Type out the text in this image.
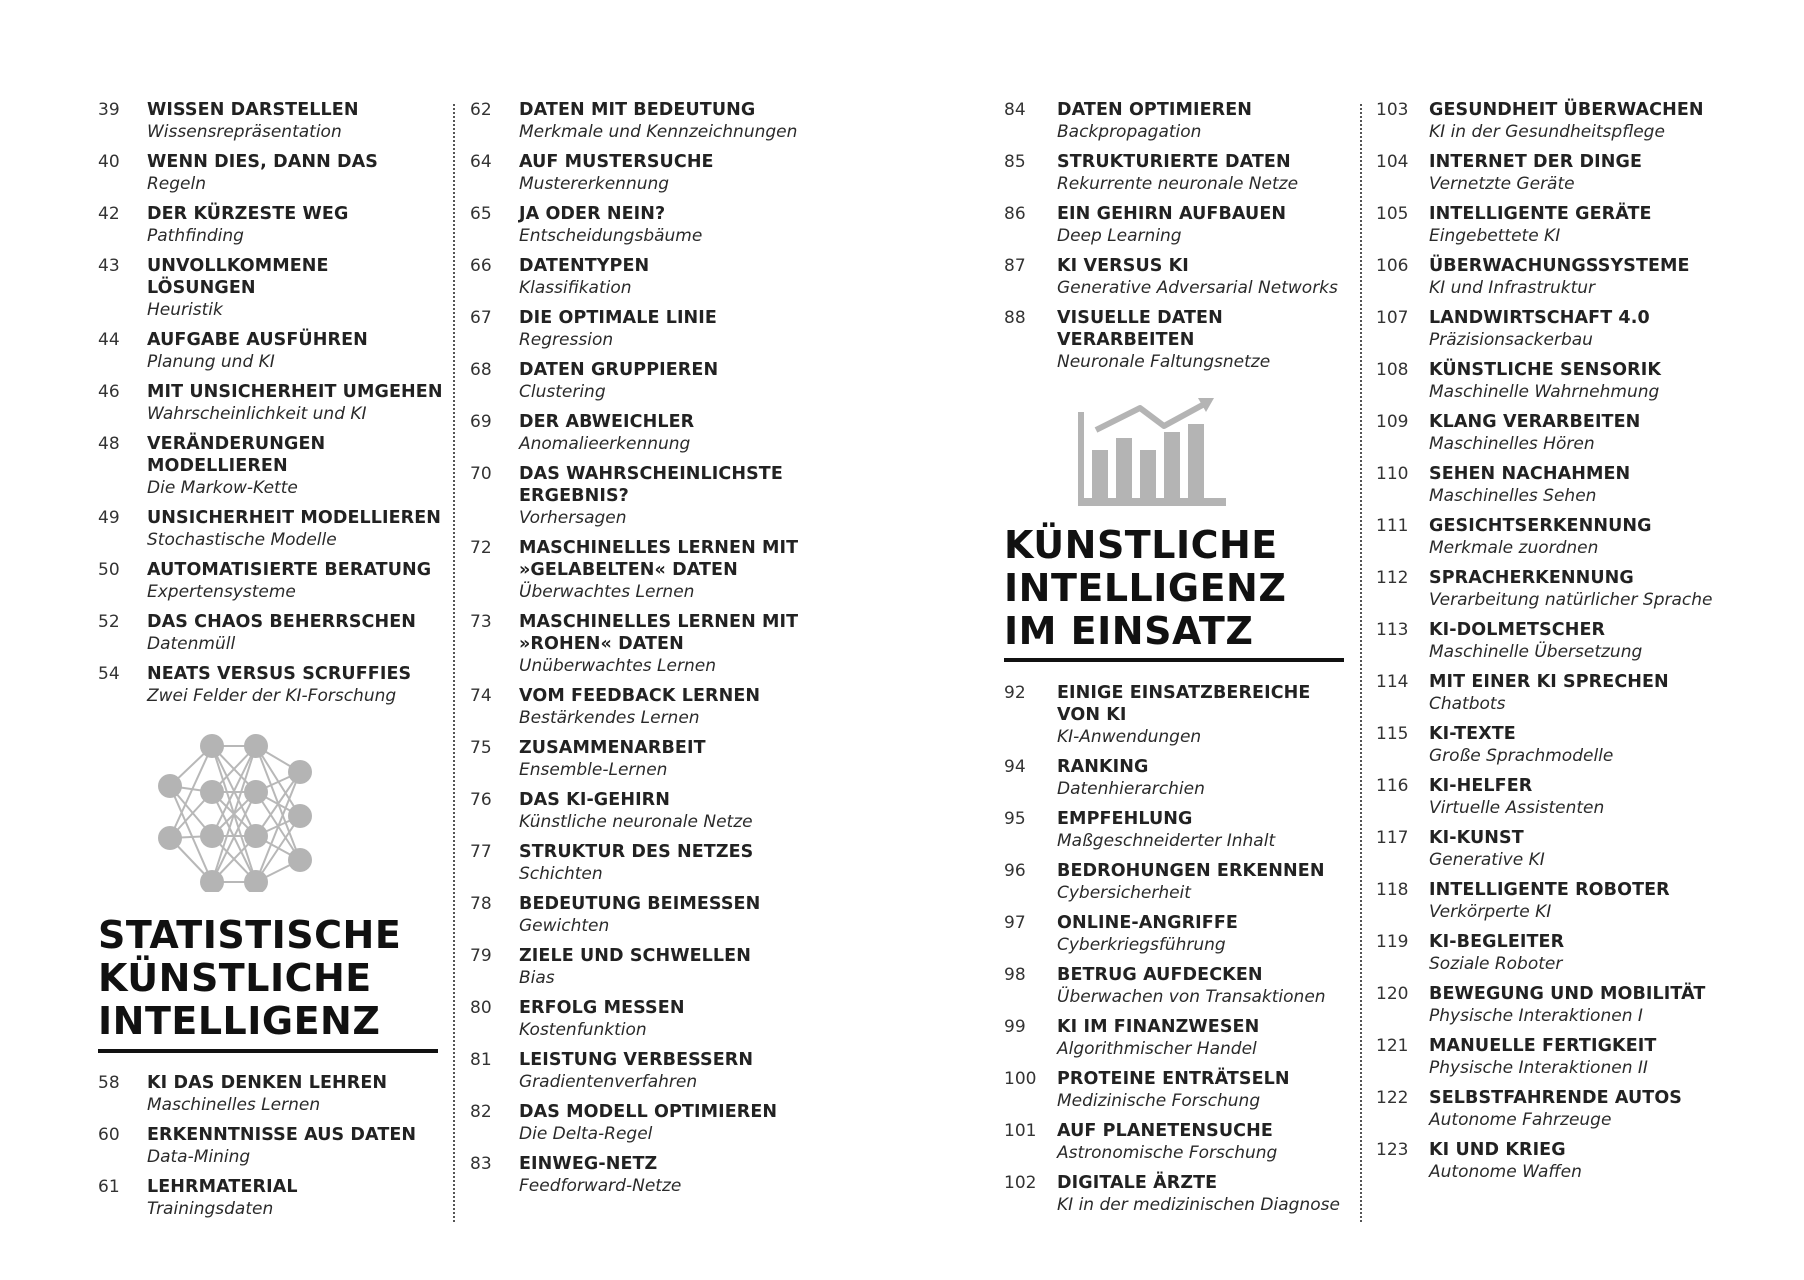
39	WISSEN DARSTELLEN
Wissensrepräsentation
40	WENN DIES, DANN DAS
Regeln
42	DER KÜRZESTE WEG
Pathfinding
43	UNVOLLKOMMENE LÖSUNGEN
Heuristik
44	AUFGABE AUSFÜHREN
Planung und KI
46	MIT UNSICHERHEIT UMGEHEN
Wahrscheinlichkeit und KI
48	VERÄNDERUNGEN
MODELLIEREN
Die Markow-Kette
49	UNSICHERHEIT MODELLIEREN
Stochastische Modelle
50	AUTOMATISIERTE BERATUNG
Expertensysteme
52	DAS CHAOS BEHERRSCHEN
Datenmüll
54	NEATS VERSUS SCRUFFIES
Zwei Felder der KI-Forschung
STATISTISCHE
KÜNSTLICHE
INTELLIGENZ
58	KI DAS DENKEN LEHREN
Maschinelles Lernen
60	ERKENNTNISSE AUS DATEN
Data-Mining
61	LEHRMATERIAL
Trainingsdaten
62	DATEN MIT BEDEUTUNG
Merkmale und Kennzeichnungen
64	AUF MUSTERSUCHE
Mustererkennung
65	JA ODER NEIN?
Entscheidungsbäume
66	DATENTYPEN
Klassifikation
67	DIE OPTIMALE LINIE
Regression
68	DATEN GRUPPIEREN
Clustering
69	DER ABWEICHLER
Anomalieerkennung
70	DAS WAHRSCHEINLICHSTE
ERGEBNIS?
Vorhersagen
72	MASCHINELLES LERNEN MIT
»GELABELTEN« DATEN
Überwachtes Lernen
73	MASCHINELLES LERNEN MIT
»ROHEN« DATEN
Unüberwachtes Lernen
74	VOM FEEDBACK LERNEN
Bestärkendes Lernen
75	ZUSAMMENARBEIT
Ensemble-Lernen
76	DAS KI-GEHIRN
Künstliche neuronale Netze
77	STRUKTUR DES NETZES
Schichten
78	BEDEUTUNG BEIMESSEN
Gewichten
79	ZIELE UND SCHWELLEN
Bias
80	ERFOLG MESSEN
Kostenfunktion
81	LEISTUNG VERBESSERN
Gradientenverfahren
82	DAS MODELL OPTIMIEREN
Die Delta-Regel
83	EINWEG-NETZ
Feedforward-Netze
84	DATEN OPTIMIEREN
Backpropagation
85	STRUKTURIERTE DATEN
Rekurrente neuronale Netze
86	EIN GEHIRN AUFBAUEN
Deep Learning
87	KI VERSUS KI
Generative Adversarial Networks
88	VISUELLE DATEN
VERARBEITEN
Neuronale Faltungsnetze
KÜNSTLICHE
INTELLIGENZ
IM EINSATZ
92	EINIGE EINSATZBEREICHE
VON KI
KI-Anwendungen
94	RANKING
Datenhierarchien
95	EMPFEHLUNG
Maßgeschneiderter Inhalt
96	BEDROHUNGEN ERKENNEN
Cybersicherheit
97	ONLINE-ANGRIFFE
Cyberkriegsführung
98	BETRUG AUFDECKEN
Überwachen von Transaktionen
99	KI IM FINANZWESEN
Algorithmischer Handel
100	PROTEINE ENTRÄTSELN
Medizinische Forschung
101	AUF PLANETENSUCHE
Astronomische Forschung
102	DIGITALE ÄRZTE
KI in der medizinischen Diagnose
103	GESUNDHEIT ÜBERWACHEN
KI in der Gesundheitspflege
104	INTERNET DER DINGE
Vernetzte Geräte
105	INTELLIGENTE GERÄTE
Eingebettete KI
106	ÜBERWACHUNGSSYSTEME
KI und Infrastruktur
107	LANDWIRTSCHAFT 4.0
Präzisionsackerbau
108	KÜNSTLICHE SENSORIK
Maschinelle Wahrnehmung
109	KLANG VERARBEITEN
Maschinelles Hören
110	SEHEN NACHAHMEN
Maschinelles Sehen
111	GESICHTSERKENNUNG
Merkmale zuordnen
112	SPRACHERKENNUNG
Verarbeitung natürlicher Sprache
113	KI-DOLMETSCHER
Maschinelle Übersetzung
114	MIT EINER KI SPRECHEN
Chatbots
115	KI-TEXTE
Große Sprachmodelle
116	KI-HELFER
Virtuelle Assistenten
117	KI-KUNST
Generative KI
118	INTELLIGENTE ROBOTER
Verkörperte KI
119	KI-BEGLEITER
Soziale Roboter
120	BEWEGUNG UND MOBILITÄT
Physische Interaktionen I
121	MANUELLE FERTIGKEIT
Physische Interaktionen II
122	SELBSTFAHRENDE AUTOS
Autonome Fahrzeuge
123	KI UND KRIEG
Autonome Waffen
